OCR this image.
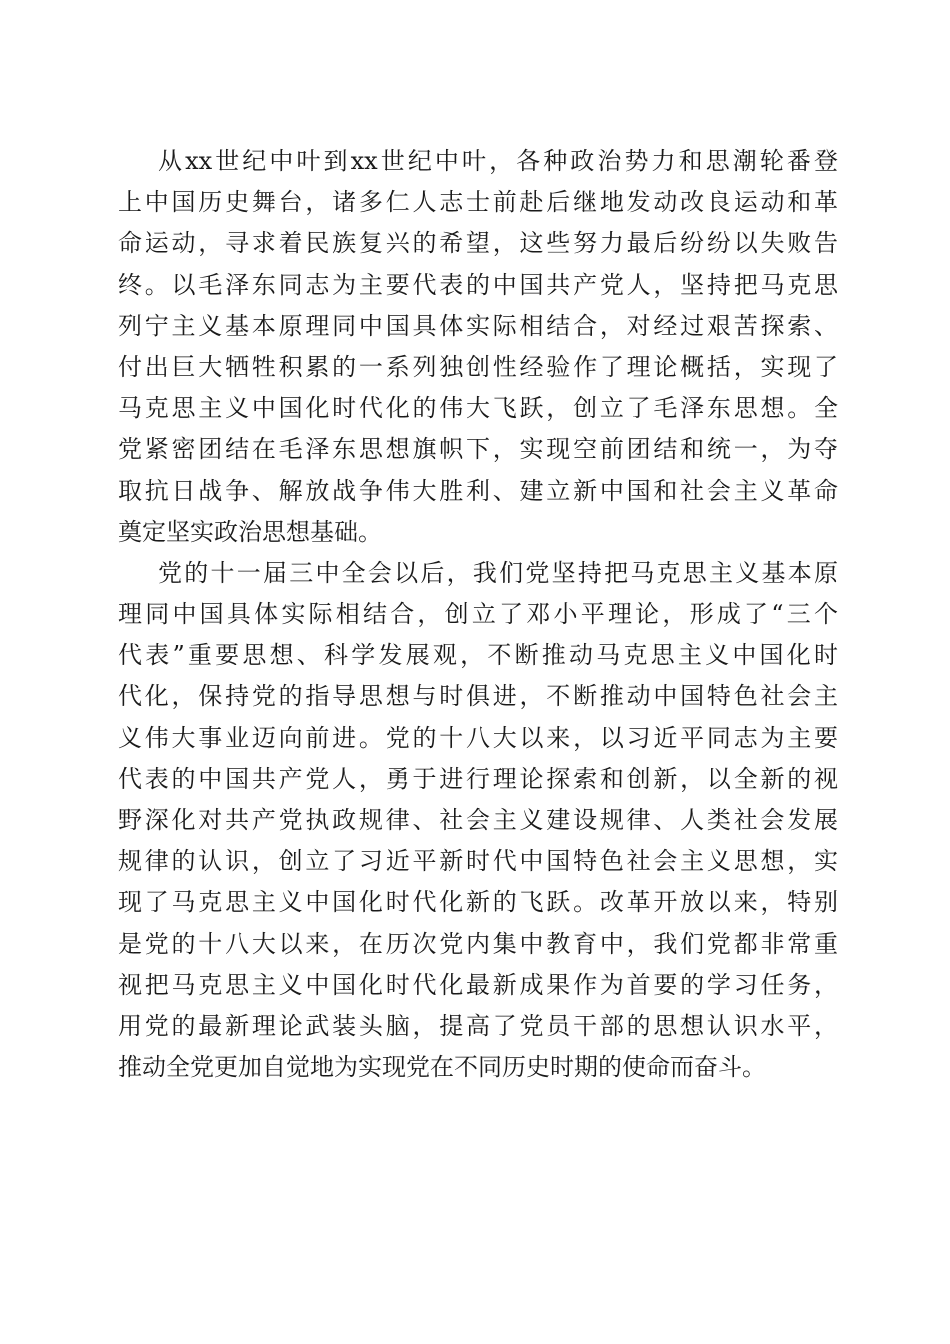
从xx世纪中叶到xx世纪中叶，各种政治势力和思潮轮番登
上中国历史舞台，诸多仁人志士前赴后继地发动改良运动和革
命运动，寻求着民族复兴的希望，这些努力最后纷纷以失败告
终。以毛泽东同志为主要代表的中国共产党人，坚持把马克思
列宁主义基本原理同中国具体实际相结合，对经过艰苦探索、
付出巨大牺牲积累的一系列独创性经验作了理论概括，实现了
马克思主义中国化时代化的伟大飞跃，创立了毛泽东思想。全
党紧密团结在毛泽东思想旗帜下，实现空前团结和统一，为夺
取抗日战争、解放战争伟大胜利、建立新中国和社会主义革命
奠定坚实政治思想基础。
党的十一届三中全会以后，我们党坚持把马克思主义基本原
理同中国具体实际相结合，创立了邓小平理论，形成了“三个
代表”重要思想、科学发展观，不断推动马克思主义中国化时
代化，保持党的指导思想与时俱进，不断推动中国特色社会主
义伟大事业迈向前进。党的十八大以来，以习近平同志为主要
代表的中国共产党人，勇于进行理论探索和创新，以全新的视
野深化对共产党执政规律、社会主义建设规律、人类社会发展
规律的认识，创立了习近平新时代中国特色社会主义思想，实
现了马克思主义中国化时代化新的飞跃。改革开放以来，特别
是党的十八大以来，在历次党内集中教育中，我们党都非常重
视把马克思主义中国化时代化最新成果作为首要的学习任务，
用党的最新理论武装头脑，提高了党员干部的思想认识水平，
推动全党更加自觉地为实现党在不同历史时期的使命而奋斗。
